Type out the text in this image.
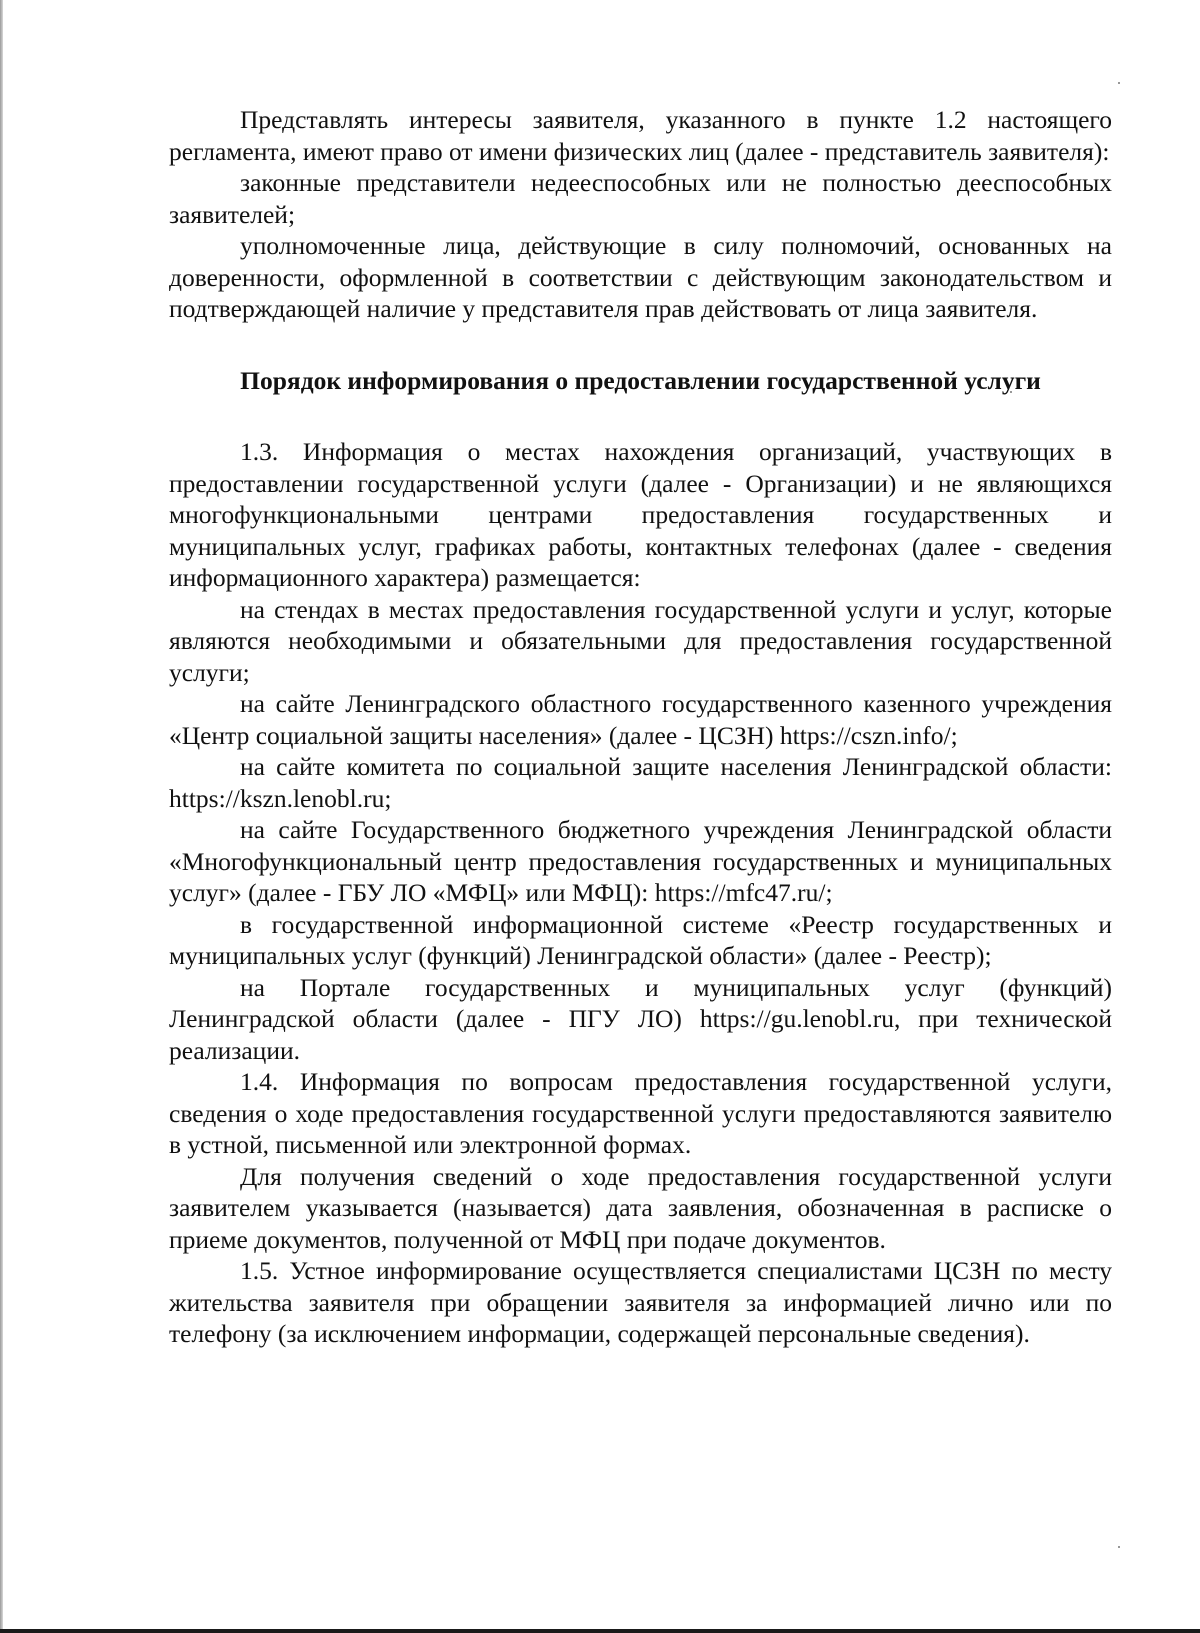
Представлять интересы заявителя, указанного в пункте 1.2 настоящего регламента, имеют право от имени физических лиц (далее - представитель заявителя):

законные представители недееспособных или не полностью дееспособных заявителей;

уполномоченные лица, действующие в силу полномочий, основанных на доверенности, оформленной в соответствии с действующим законодательством и подтверждающей наличие у представителя прав действовать от лица заявителя.

Порядок информирования о предоставлении государственной услуги

1.3. Информация о местах нахождения организаций, участвующих в предоставлении государственной услуги (далее - Организации) и не являющихся многофункциональными центрами предоставления государственных и муниципальных услуг, графиках работы, контактных телефонах (далее - сведения информационного характера) размещается:

на стендах в местах предоставления государственной услуги и услуг, которые являются необходимыми и обязательными для предоставления государственной услуги;

на сайте Ленинградского областного государственного казенного учреждения «Центр социальной защиты населения» (далее - ЦСЗН) https://cszn.info/;

на сайте комитета по социальной защите населения Ленинградской области: https://kszn.lenobl.ru;

на сайте Государственного бюджетного учреждения Ленинградской области «Многофункциональный центр предоставления государственных и муниципальных услуг» (далее - ГБУ ЛО «МФЦ» или МФЦ): https://mfc47.ru/;

в государственной информационной системе «Реестр государственных и муниципальных услуг (функций) Ленинградской области» (далее - Реестр);

на Портале государственных и муниципальных услуг (функций) Ленинградской области (далее - ПГУ ЛО) https://gu.lenobl.ru, при технической реализации.

1.4. Информация по вопросам предоставления государственной услуги, сведения о ходе предоставления государственной услуги предоставляются заявителю в устной, письменной или электронной формах.

Для получения сведений о ходе предоставления государственной услуги заявителем указывается (называется) дата заявления, обозначенная в расписке о приеме документов, полученной от МФЦ при подаче документов.

1.5. Устное информирование осуществляется специалистами ЦСЗН по месту жительства заявителя при обращении заявителя за информацией лично или по телефону (за исключением информации, содержащей персональные сведения).
